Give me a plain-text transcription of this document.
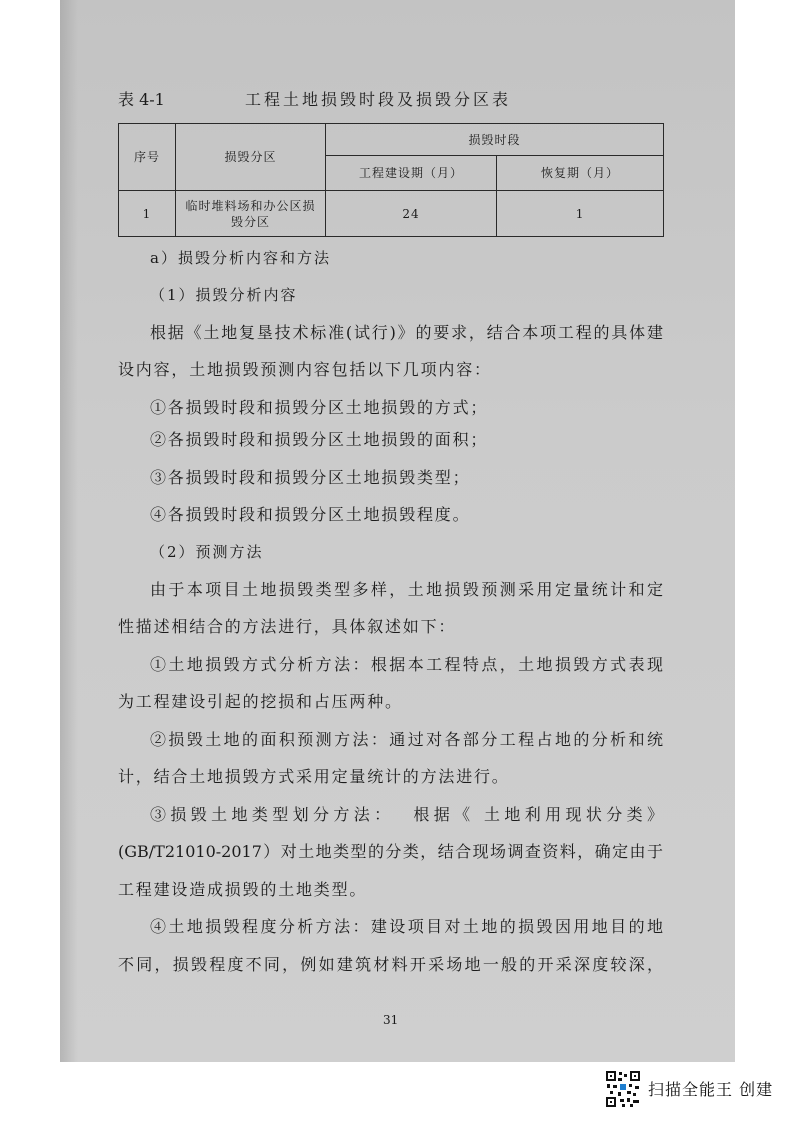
表 4-1	工程土地损毁时段及损毁分区表
序号	损毁分区	损毁时段	
		工程建设期（月）	恢复期（月）
1	临时堆料场和办公区损毁分区	24	1
a）损毁分析内容和方法
（1）损毁分析内容
根据《土地复垦技术标准(试行)》的要求，结合本项工程的具体建
设内容，土地损毁预测内容包括以下几项内容：
①各损毁时段和损毁分区土地损毁的方式；
②各损毁时段和损毁分区土地损毁的面积；
③各损毁时段和损毁分区土地损毁类型；
④各损毁时段和损毁分区土地损毁程度。
（2）预测方法
由于本项目土地损毁类型多样，土地损毁预测采用定量统计和定
性描述相结合的方法进行，具体叙述如下：
①土地损毁方式分析方法：根据本工程特点，土地损毁方式表现
为工程建设引起的挖损和占压两种。
②损毁土地的面积预测方法：通过对各部分工程占地的分析和统
计，结合土地损毁方式采用定量统计的方法进行。
③损毁土地类型划分方法：  根据《 土地利用现状分类》
(GB/T21010-2017）对土地类型的分类，结合现场调查资料，确定由于
工程建设造成损毁的土地类型。
④土地损毁程度分析方法：建设项目对土地的损毁因用地目的地
不同，损毁程度不同，例如建筑材料开采场地一般的开采深度较深，
31
扫描全能王 创建
